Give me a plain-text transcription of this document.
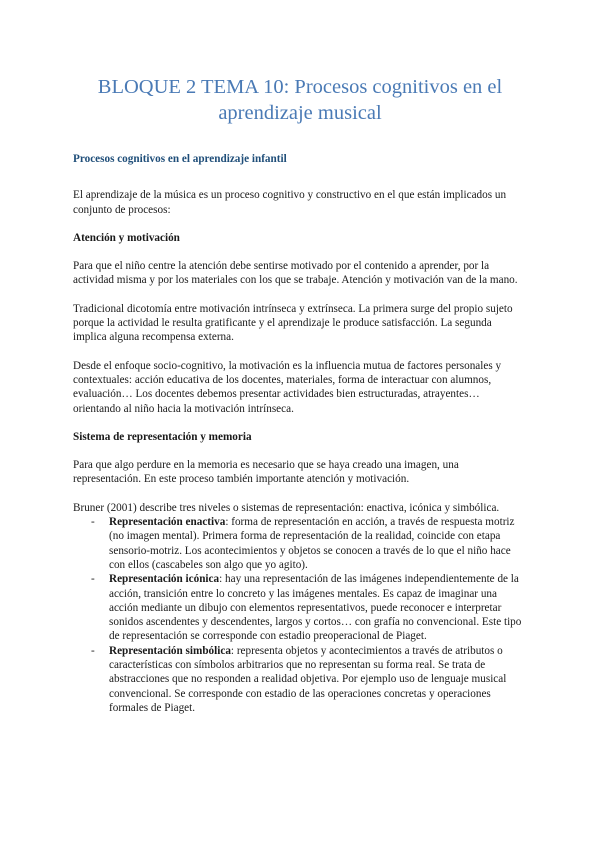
BLOQUE 2 TEMA 10: Procesos cognitivos en el aprendizaje musical
Procesos cognitivos en el aprendizaje infantil

El aprendizaje de la música es un proceso cognitivo y constructivo en el que están implicados un conjunto de procesos:

Atención y motivación

Para que el niño centre la atención debe sentirse motivado por el contenido a aprender, por la actividad misma y por los materiales con los que se trabaje. Atención y motivación van de la mano.

Tradicional dicotomía entre motivación intrínseca y extrínseca. La primera surge del propio sujeto porque la actividad le resulta gratificante y el aprendizaje le produce satisfacción. La segunda implica alguna recompensa externa.

Desde el enfoque socio-cognitivo, la motivación es la influencia mutua de factores personales y contextuales: acción educativa de los docentes, materiales, forma de interactuar con alumnos, evaluación… Los docentes debemos presentar actividades bien estructuradas, atrayentes… orientando al niño hacia la motivación intrínseca.

Sistema de representación y memoria

Para que algo perdure en la memoria es necesario que se haya creado una imagen, una representación. En este proceso también importante atención y motivación.

Bruner (2001) describe tres niveles o sistemas de representación: enactiva, icónica y simbólica.

- Representación enactiva: forma de representación en acción, a través de respuesta motriz (no imagen mental). Primera forma de representación de la realidad, coincide con etapa sensorio-motriz. Los acontecimientos y objetos se conocen a través de lo que el niño hace con ellos (cascabeles son algo que yo agito).
- Representación icónica: hay una representación de las imágenes independientemente de la acción, transición entre lo concreto y las imágenes mentales. Es capaz de imaginar una acción mediante un dibujo con elementos representativos, puede reconocer e interpretar sonidos ascendentes y descendentes, largos y cortos… con grafía no convencional. Este tipo de representación se corresponde con estadio preoperacional de Piaget.
- Representación simbólica: representa objetos y acontecimientos a través de atributos o características con símbolos arbitrarios que no representan su forma real. Se trata de abstracciones que no responden a realidad objetiva. Por ejemplo uso de lenguaje musical convencional. Se corresponde con estadio de las operaciones concretas y operaciones formales de Piaget.
